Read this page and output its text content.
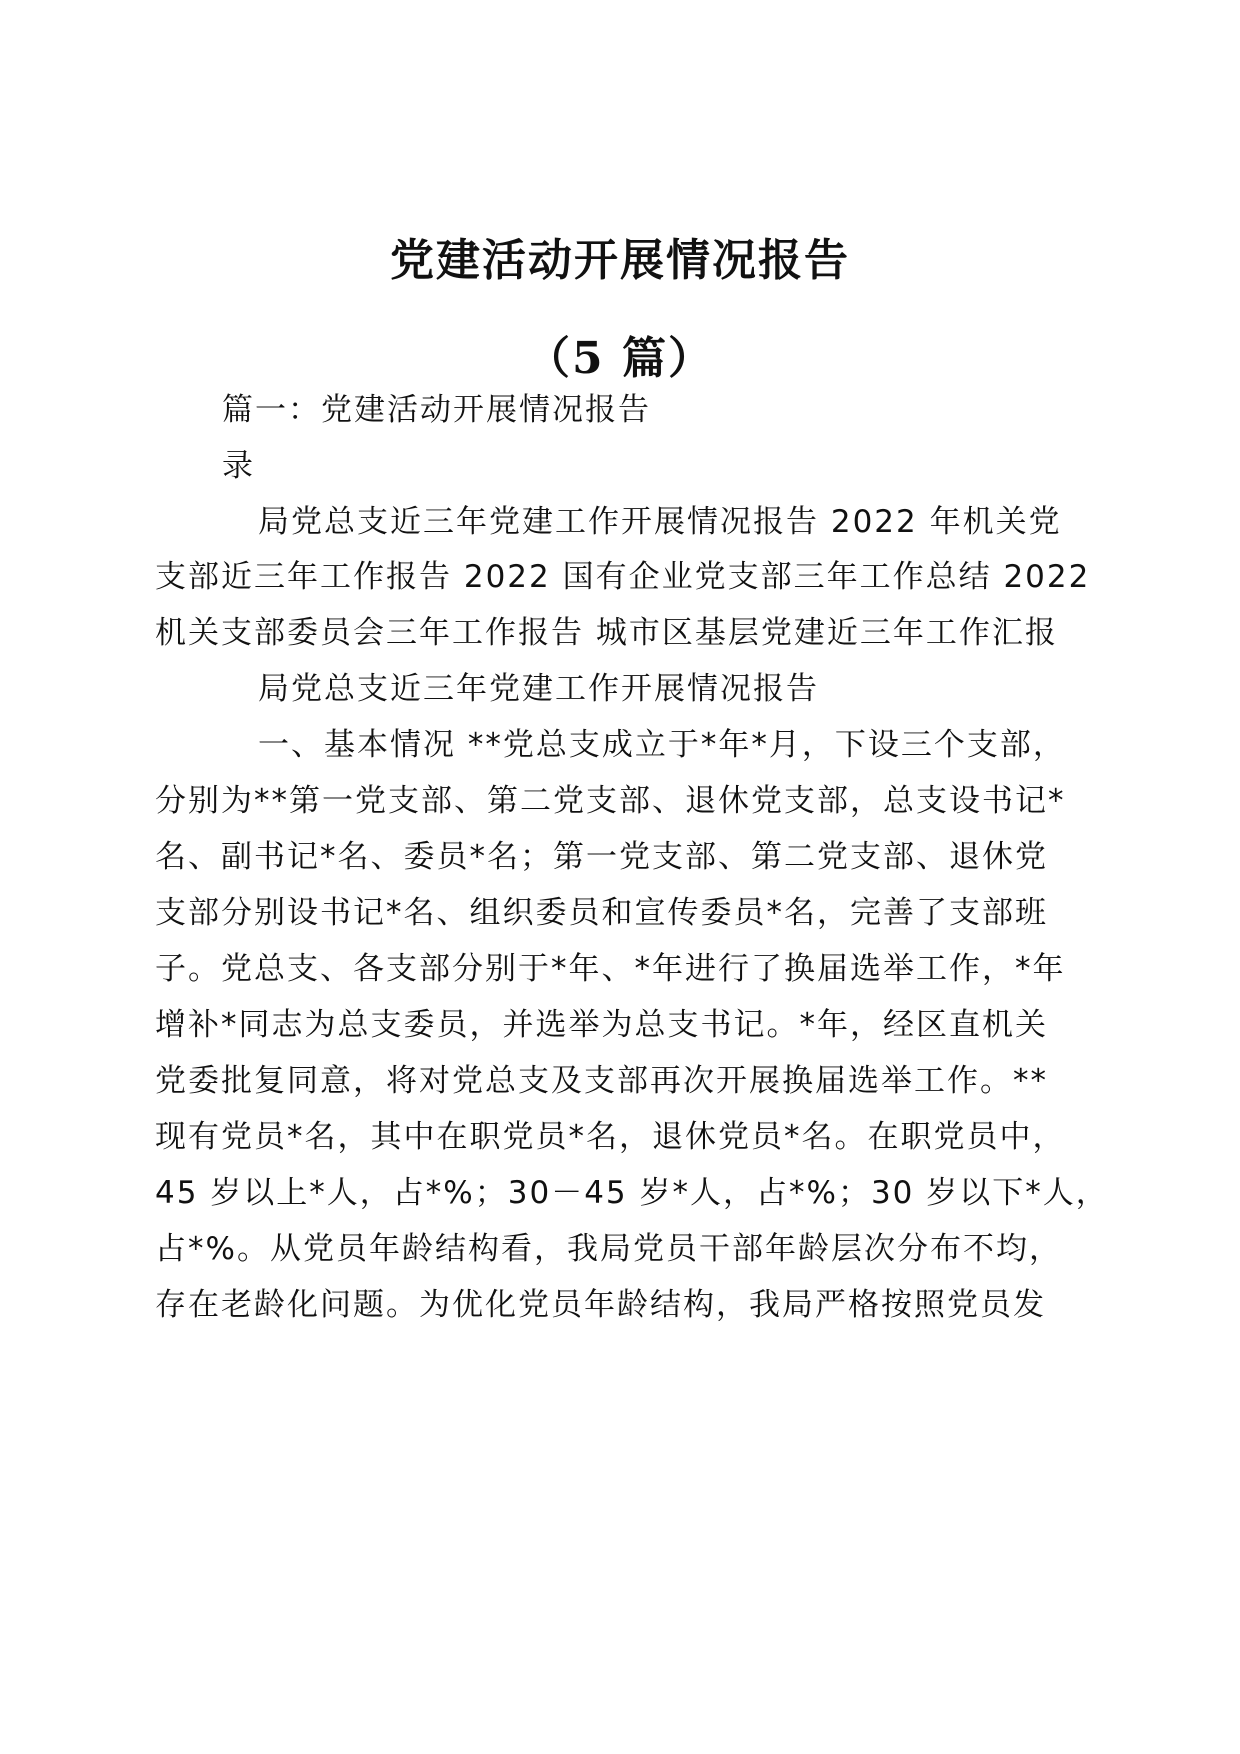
党建活动开展情况报告
（5 篇）
篇一：党建活动开展情况报告
录
局党总支近三年党建工作开展情况报告 2022 年机关党
支部近三年工作报告 2022 国有企业党支部三年工作总结 2022
机关支部委员会三年工作报告 城市区基层党建近三年工作汇报
局党总支近三年党建工作开展情况报告
一、基本情况 **党总支成立于*年*月，下设三个支部，
分别为**第一党支部、第二党支部、退休党支部，总支设书记*
名、副书记*名、委员*名；第一党支部、第二党支部、退休党
支部分别设书记*名、组织委员和宣传委员*名，完善了支部班
子。党总支、各支部分别于*年、*年进行了换届选举工作，*年
增补*同志为总支委员，并选举为总支书记。*年，经区直机关
党委批复同意，将对党总支及支部再次开展换届选举工作。**
现有党员*名，其中在职党员*名，退休党员*名。在职党员中，
45 岁以上*人，占*%；30－45 岁*人，占*%；30 岁以下*人，
占*%。从党员年龄结构看，我局党员干部年龄层次分布不均，
存在老龄化问题。为优化党员年龄结构，我局严格按照党员发
